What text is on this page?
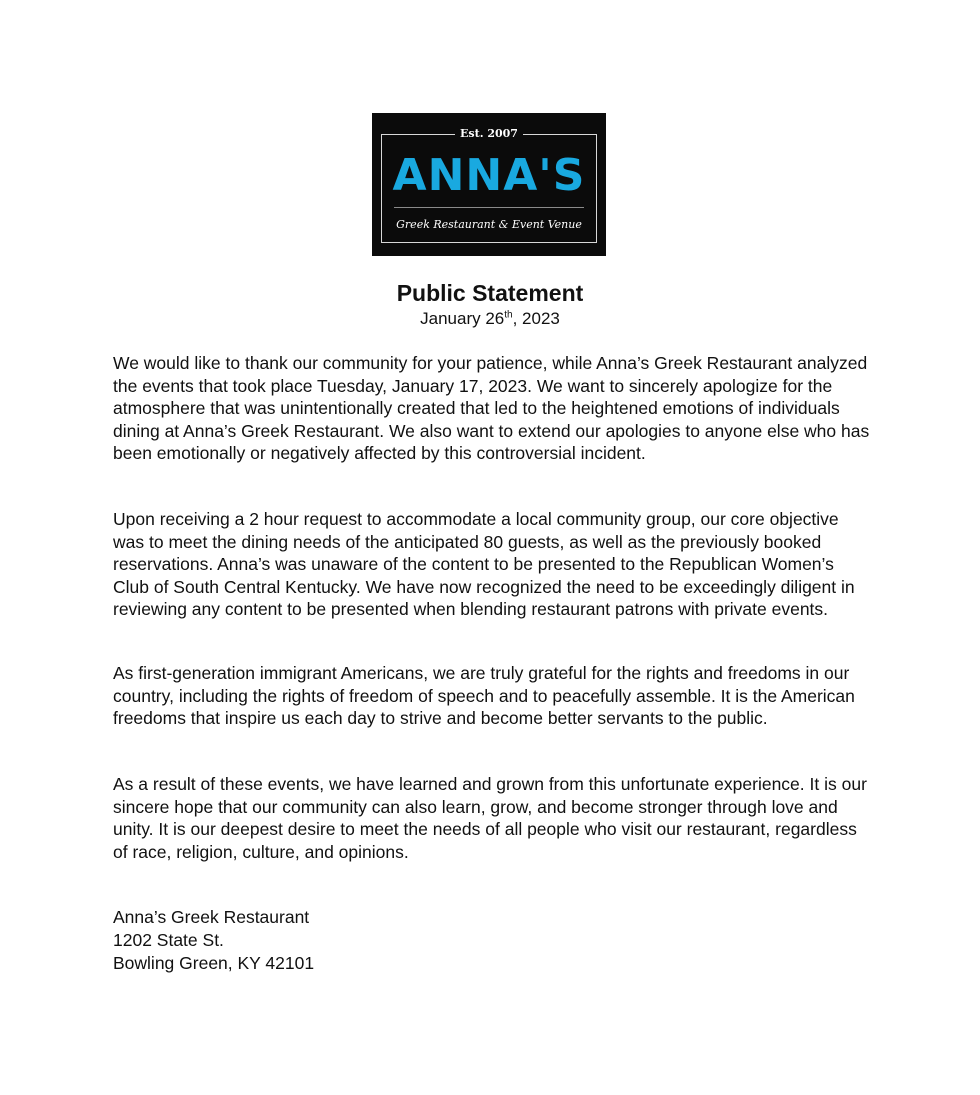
Est. 2007
ANNA'S
Greek Restaurant & Event Venue
Public Statement
January 26th, 2023

We would like to thank our community for your patience, while Anna’s Greek Restaurant analyzed the events that took place Tuesday, January 17, 2023. We want to sincerely apologize for the atmosphere that was unintentionally created that led to the heightened emotions of individuals dining at Anna’s Greek Restaurant. We also want to extend our apologies to anyone else who has been emotionally or negatively affected by this controversial incident.

Upon receiving a 2 hour request to accommodate a local community group, our core objective was to meet the dining needs of the anticipated 80 guests, as well as the previously booked reservations. Anna’s was unaware of the content to be presented to the Republican Women’s Club of South Central Kentucky. We have now recognized the need to be exceedingly diligent in reviewing any content to be presented when blending restaurant patrons with private events.

As first-generation immigrant Americans, we are truly grateful for the rights and freedoms in our country, including the rights of freedom of speech and to peacefully assemble. It is the American freedoms that inspire us each day to strive and become better servants to the public.

As a result of these events, we have learned and grown from this unfortunate experience. It is our sincere hope that our community can also learn, grow, and become stronger through love and unity. It is our deepest desire to meet the needs of all people who visit our restaurant, regardless of race, religion, culture, and opinions.

Anna’s Greek Restaurant
1202 State St.
Bowling Green, KY 42101
